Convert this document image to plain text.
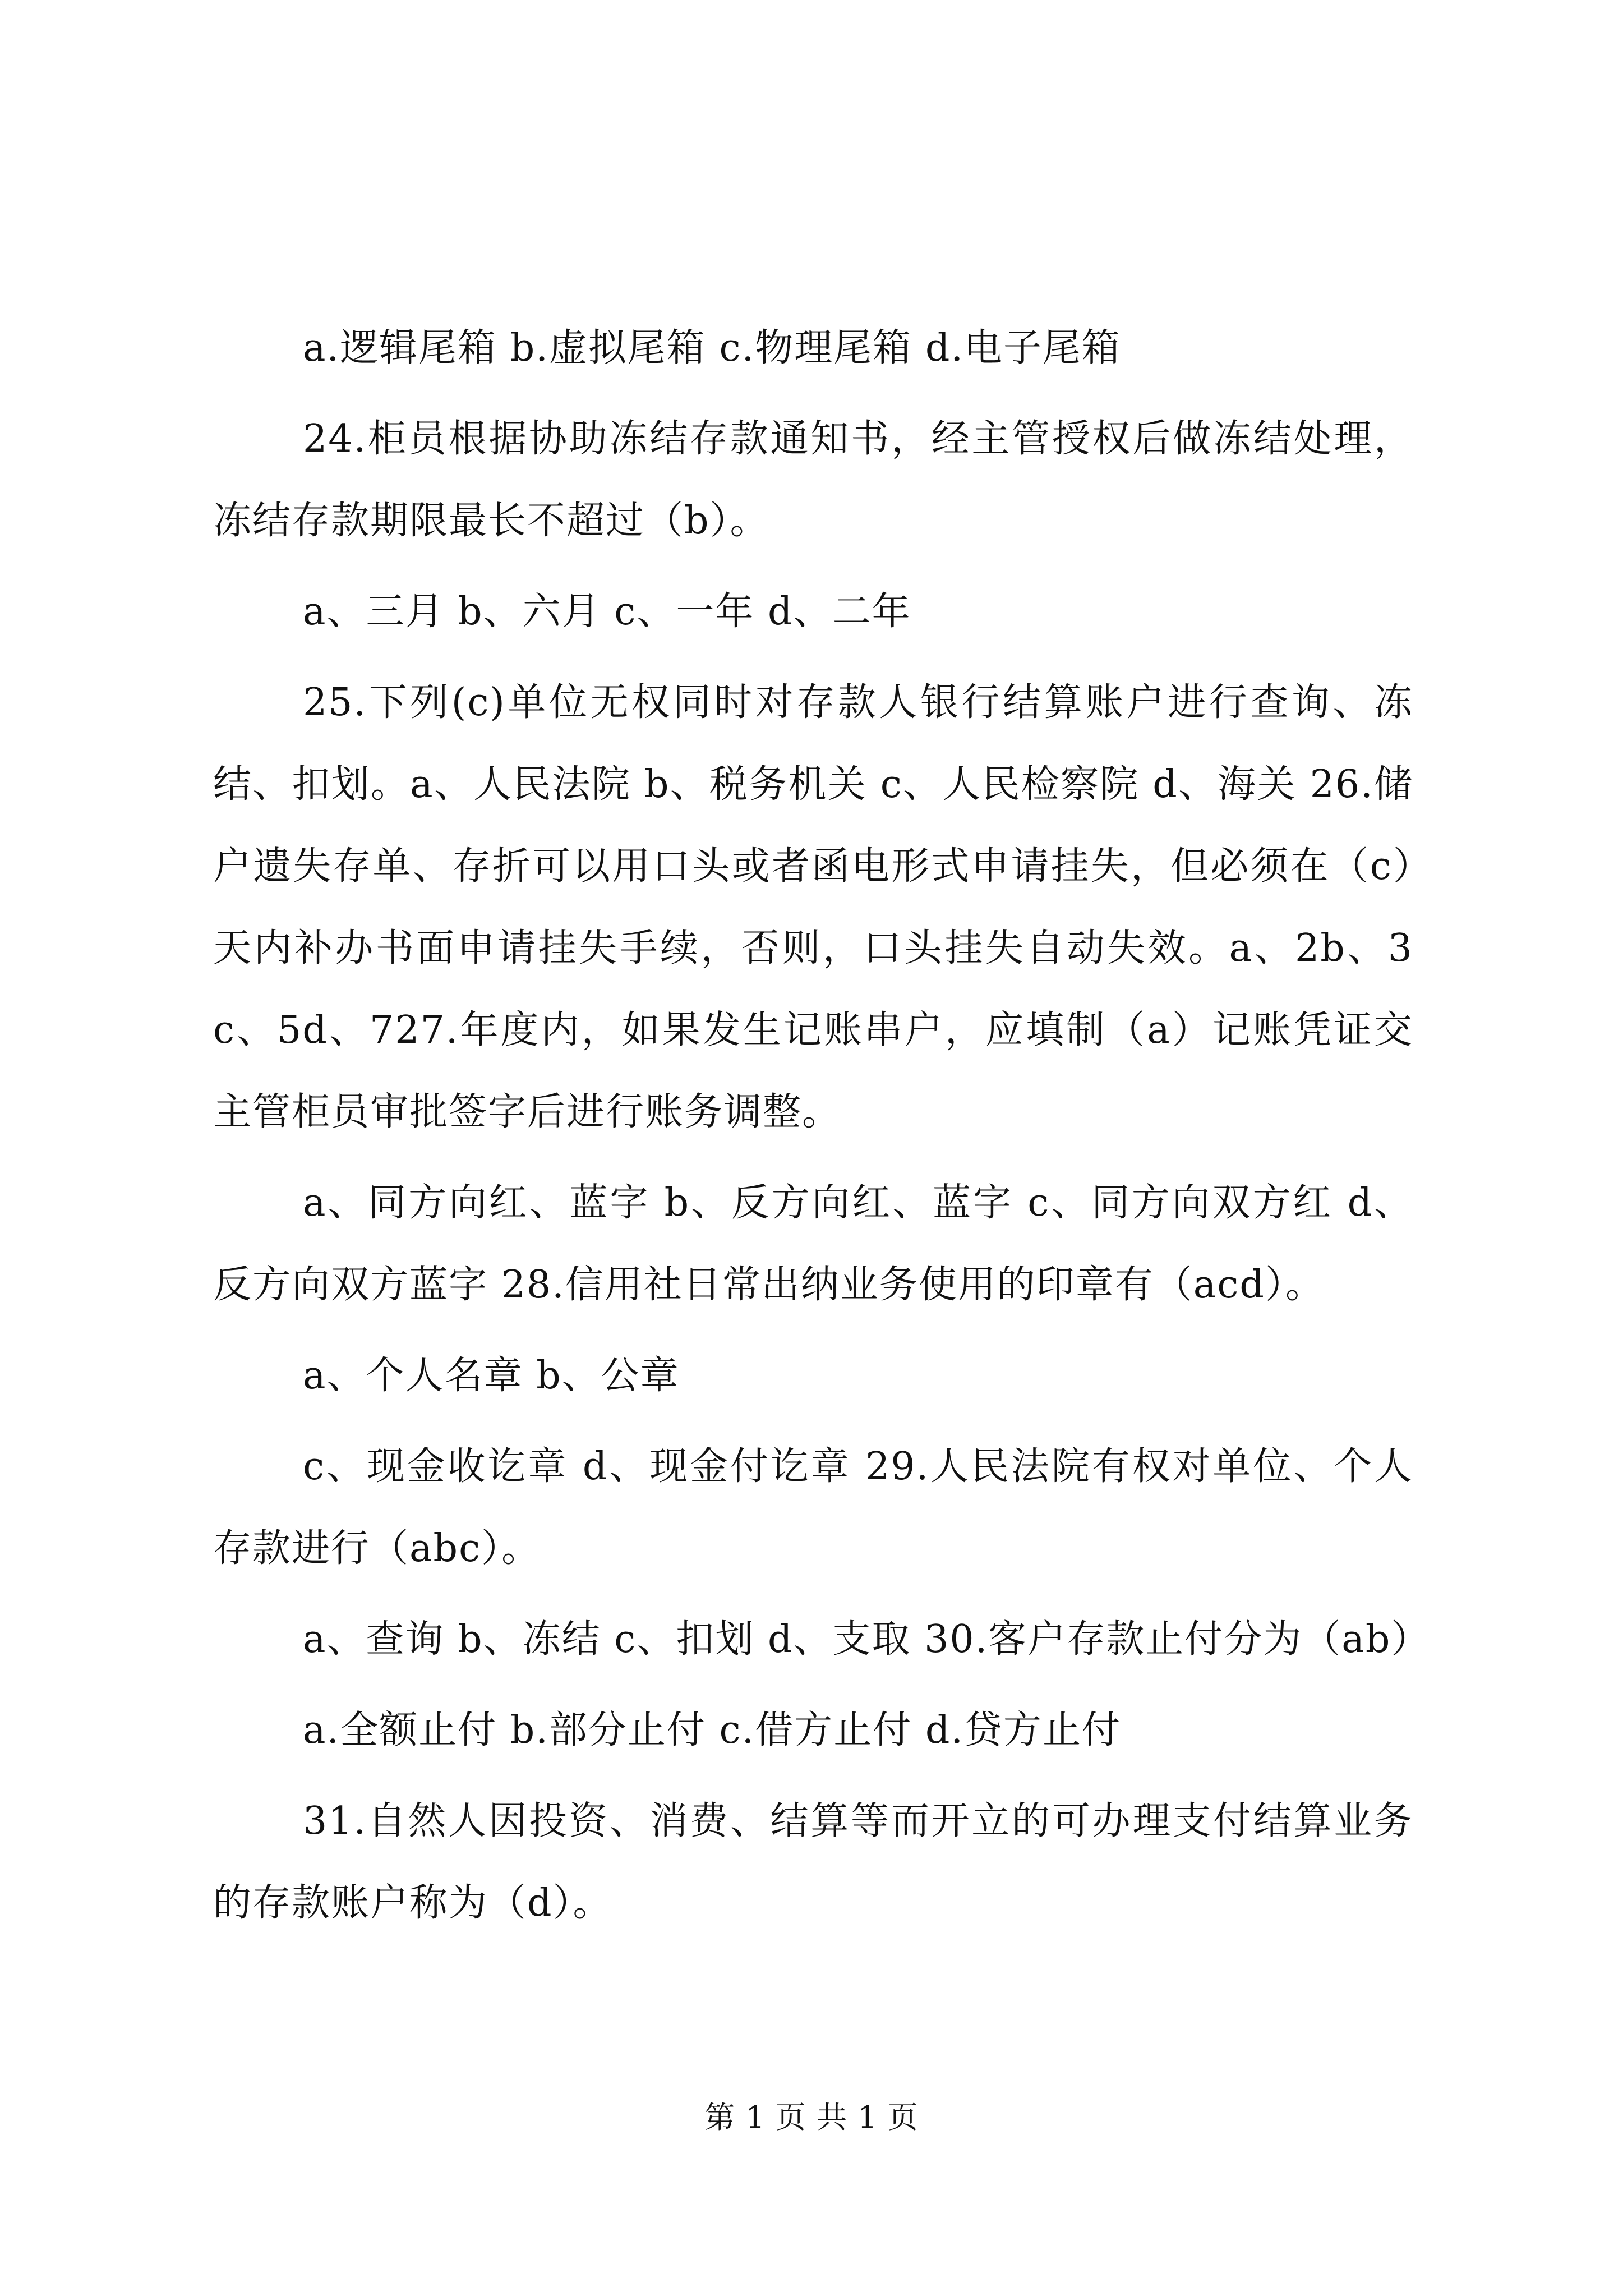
a.逻辑尾箱 b.虚拟尾箱 c.物理尾箱 d.电子尾箱

24.柜员根据协助冻结存款通知书，经主管授权后做冻结处理，冻结存款期限最长不超过（b）。

a、三月 b、六月 c、一年 d、二年

25.下列(c)单位无权同时对存款人银行结算账户进行查询、冻结、扣划。a、人民法院 b、税务机关 c、人民检察院 d、海关 26.储户遗失存单、存折可以用口头或者函电形式申请挂失，但必须在（c）天内补办书面申请挂失手续，否则，口头挂失自动失效。a、2b、3c、5d、727.年度内，如果发生记账串户，应填制（a）记账凭证交主管柜员审批签字后进行账务调整。

a、同方向红、蓝字 b、反方向红、蓝字 c、同方向双方红 d、反方向双方蓝字 28.信用社日常出纳业务使用的印章有（acd）。

a、个人名章 b、公章

c、现金收讫章 d、现金付讫章 29.人民法院有权对单位、个人存款进行（abc）。

a、查询 b、冻结 c、扣划 d、支取 30.客户存款止付分为（ab）

a.全额止付 b.部分止付 c.借方止付 d.贷方止付

31.自然人因投资、消费、结算等而开立的可办理支付结算业务的存款账户称为（d）。

第 1 页 共 1 页
